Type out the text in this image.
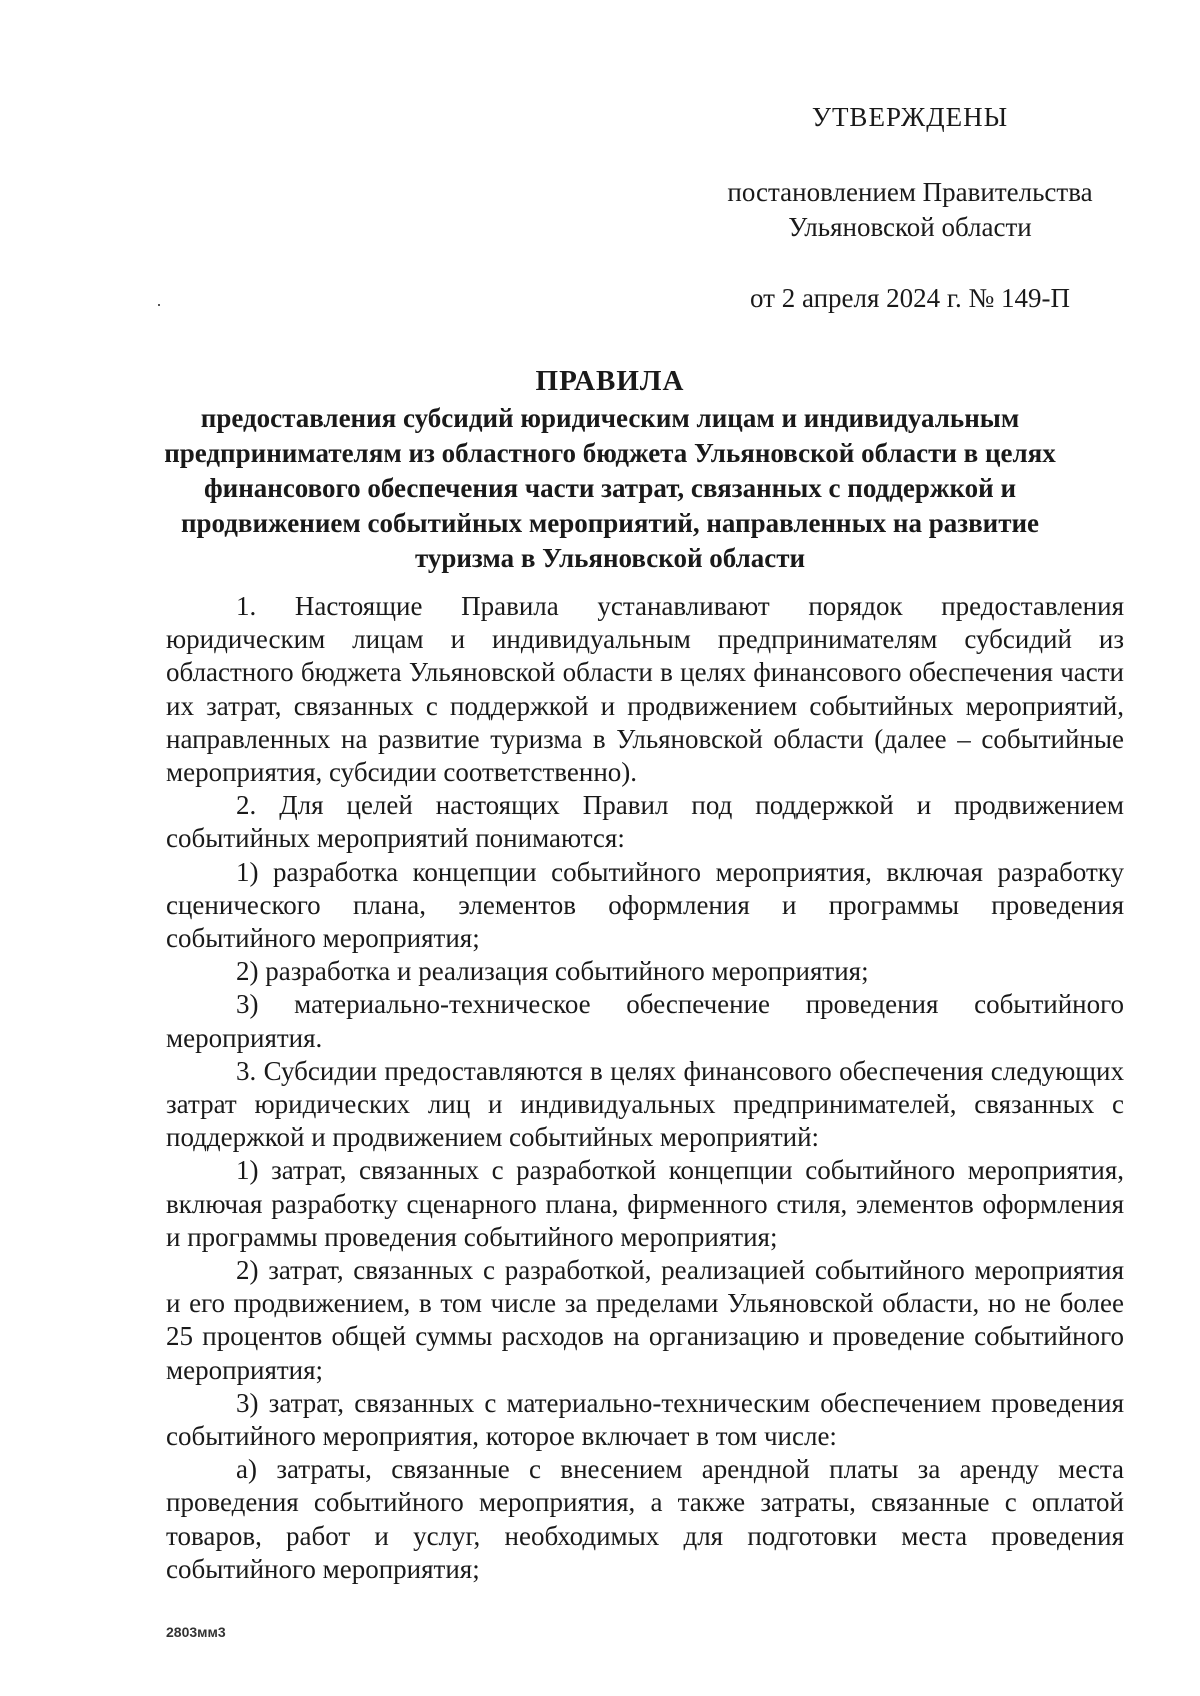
УТВЕРЖДЕНЫ

постановлением Правительства

Ульяновской области

от 2 апреля 2024 г. № 149-П

ПРАВИЛА
предоставления субсидий юридическим лицам и индивидуальным предпринимателям из областного бюджета Ульяновской области в целях финансового обеспечения части затрат, связанных с поддержкой и продвижением событийных мероприятий, направленных на развитие туризма в Ульяновской области

1. Настоящие Правила устанавливают порядок предоставления юридическим лицам и индивидуальным предпринимателям субсидий из областного бюджета Ульяновской области в целях финансового обеспечения части их затрат, связанных с поддержкой и продвижением событийных мероприятий, направленных на развитие туризма в Ульяновской области (далее – событийные мероприятия, субсидии соответственно).

2. Для целей настоящих Правил под поддержкой и продвижением событийных мероприятий понимаются:

1) разработка концепции событийного мероприятия, включая разработку сценического плана, элементов оформления и программы проведения событийного мероприятия;

2) разработка и реализация событийного мероприятия;

3) материально-техническое обеспечение проведения событийного мероприятия.

3. Субсидии предоставляются в целях финансового обеспечения следующих затрат юридических лиц и индивидуальных предпринимателей, связанных с поддержкой и продвижением событийных мероприятий:

1) затрат, связанных с разработкой концепции событийного мероприятия, включая разработку сценарного плана, фирменного стиля, элементов оформления и программы проведения событийного мероприятия;

2) затрат, связанных с разработкой, реализацией событийного мероприятия и его продвижением, в том числе за пределами Ульяновской области, но не более 25 процентов общей суммы расходов на организацию и проведение событийного мероприятия;

3) затрат, связанных с материально-техническим обеспечением проведения событийного мероприятия, которое включает в том числе:

а) затраты, связанные с внесением арендной платы за аренду места проведения событийного мероприятия, а также затраты, связанные с оплатой товаров, работ и услуг, необходимых для подготовки места проведения событийного мероприятия;

2803мм3
